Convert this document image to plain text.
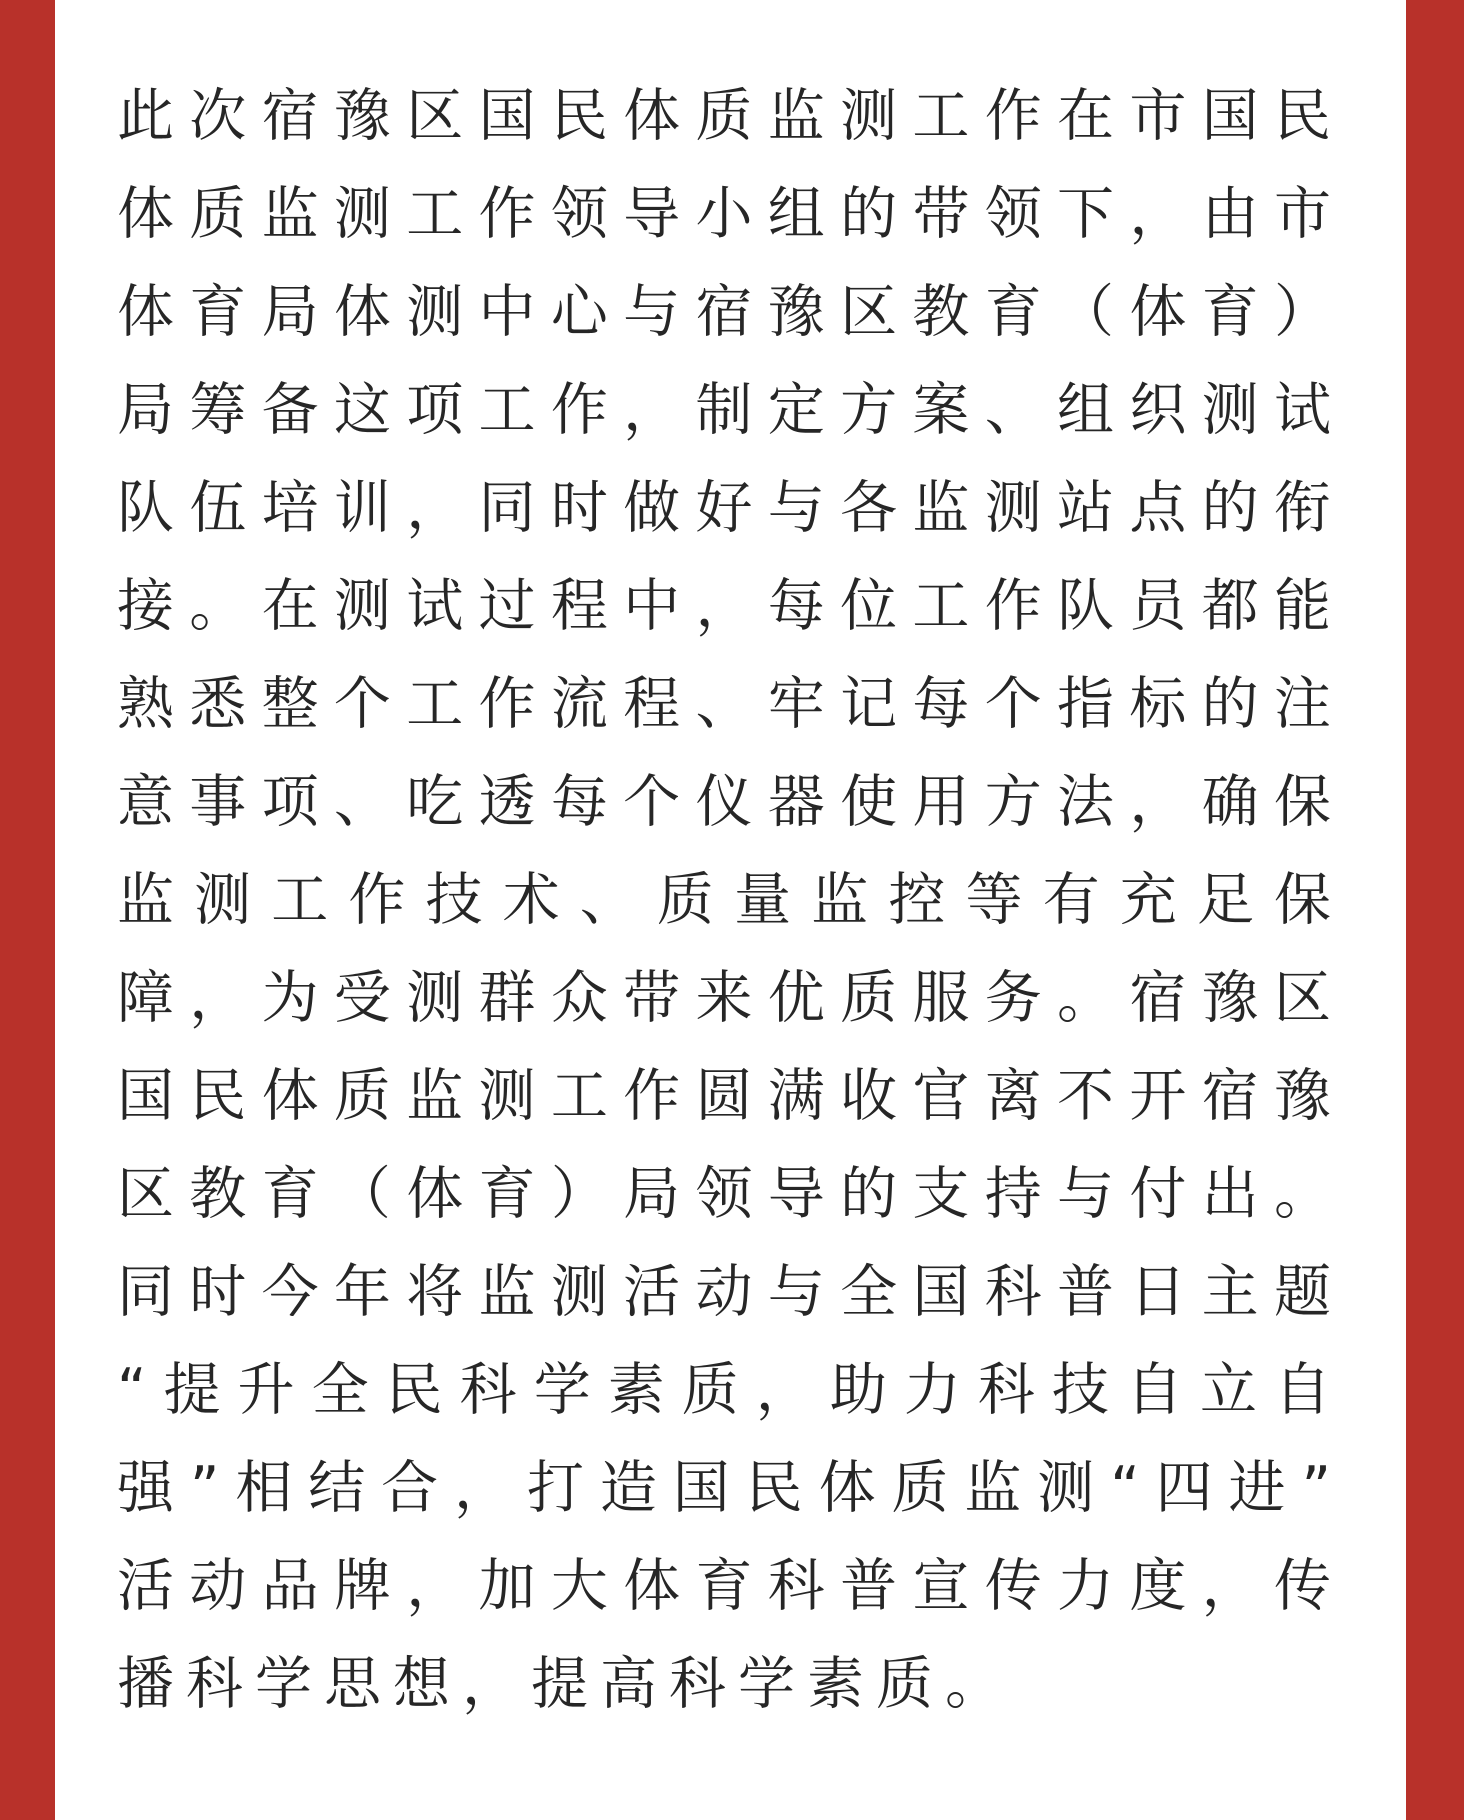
此次宿豫区国民体质监测工作在市国民
体质监测工作领导小组的带领下，由市
体育局体测中心与宿豫区教育（体育）
局筹备这项工作，制定方案、组织测试
队伍培训，同时做好与各监测站点的衔
接。在测试过程中，每位工作队员都能
熟悉整个工作流程、牢记每个指标的注
意事项、吃透每个仪器使用方法，确保
监测工作技术、质量监控等有充足保
障，为受测群众带来优质服务。宿豫区
国民体质监测工作圆满收官离不开宿豫
区教育（体育）局领导的支持与付出。
同时今年将监测活动与全国科普日主题
“提升全民科学素质，助力科技自立自
强”相结合，打造国民体质监测“四进”
活动品牌，加大体育科普宣传力度，传
播科学思想，提高科学素质。
